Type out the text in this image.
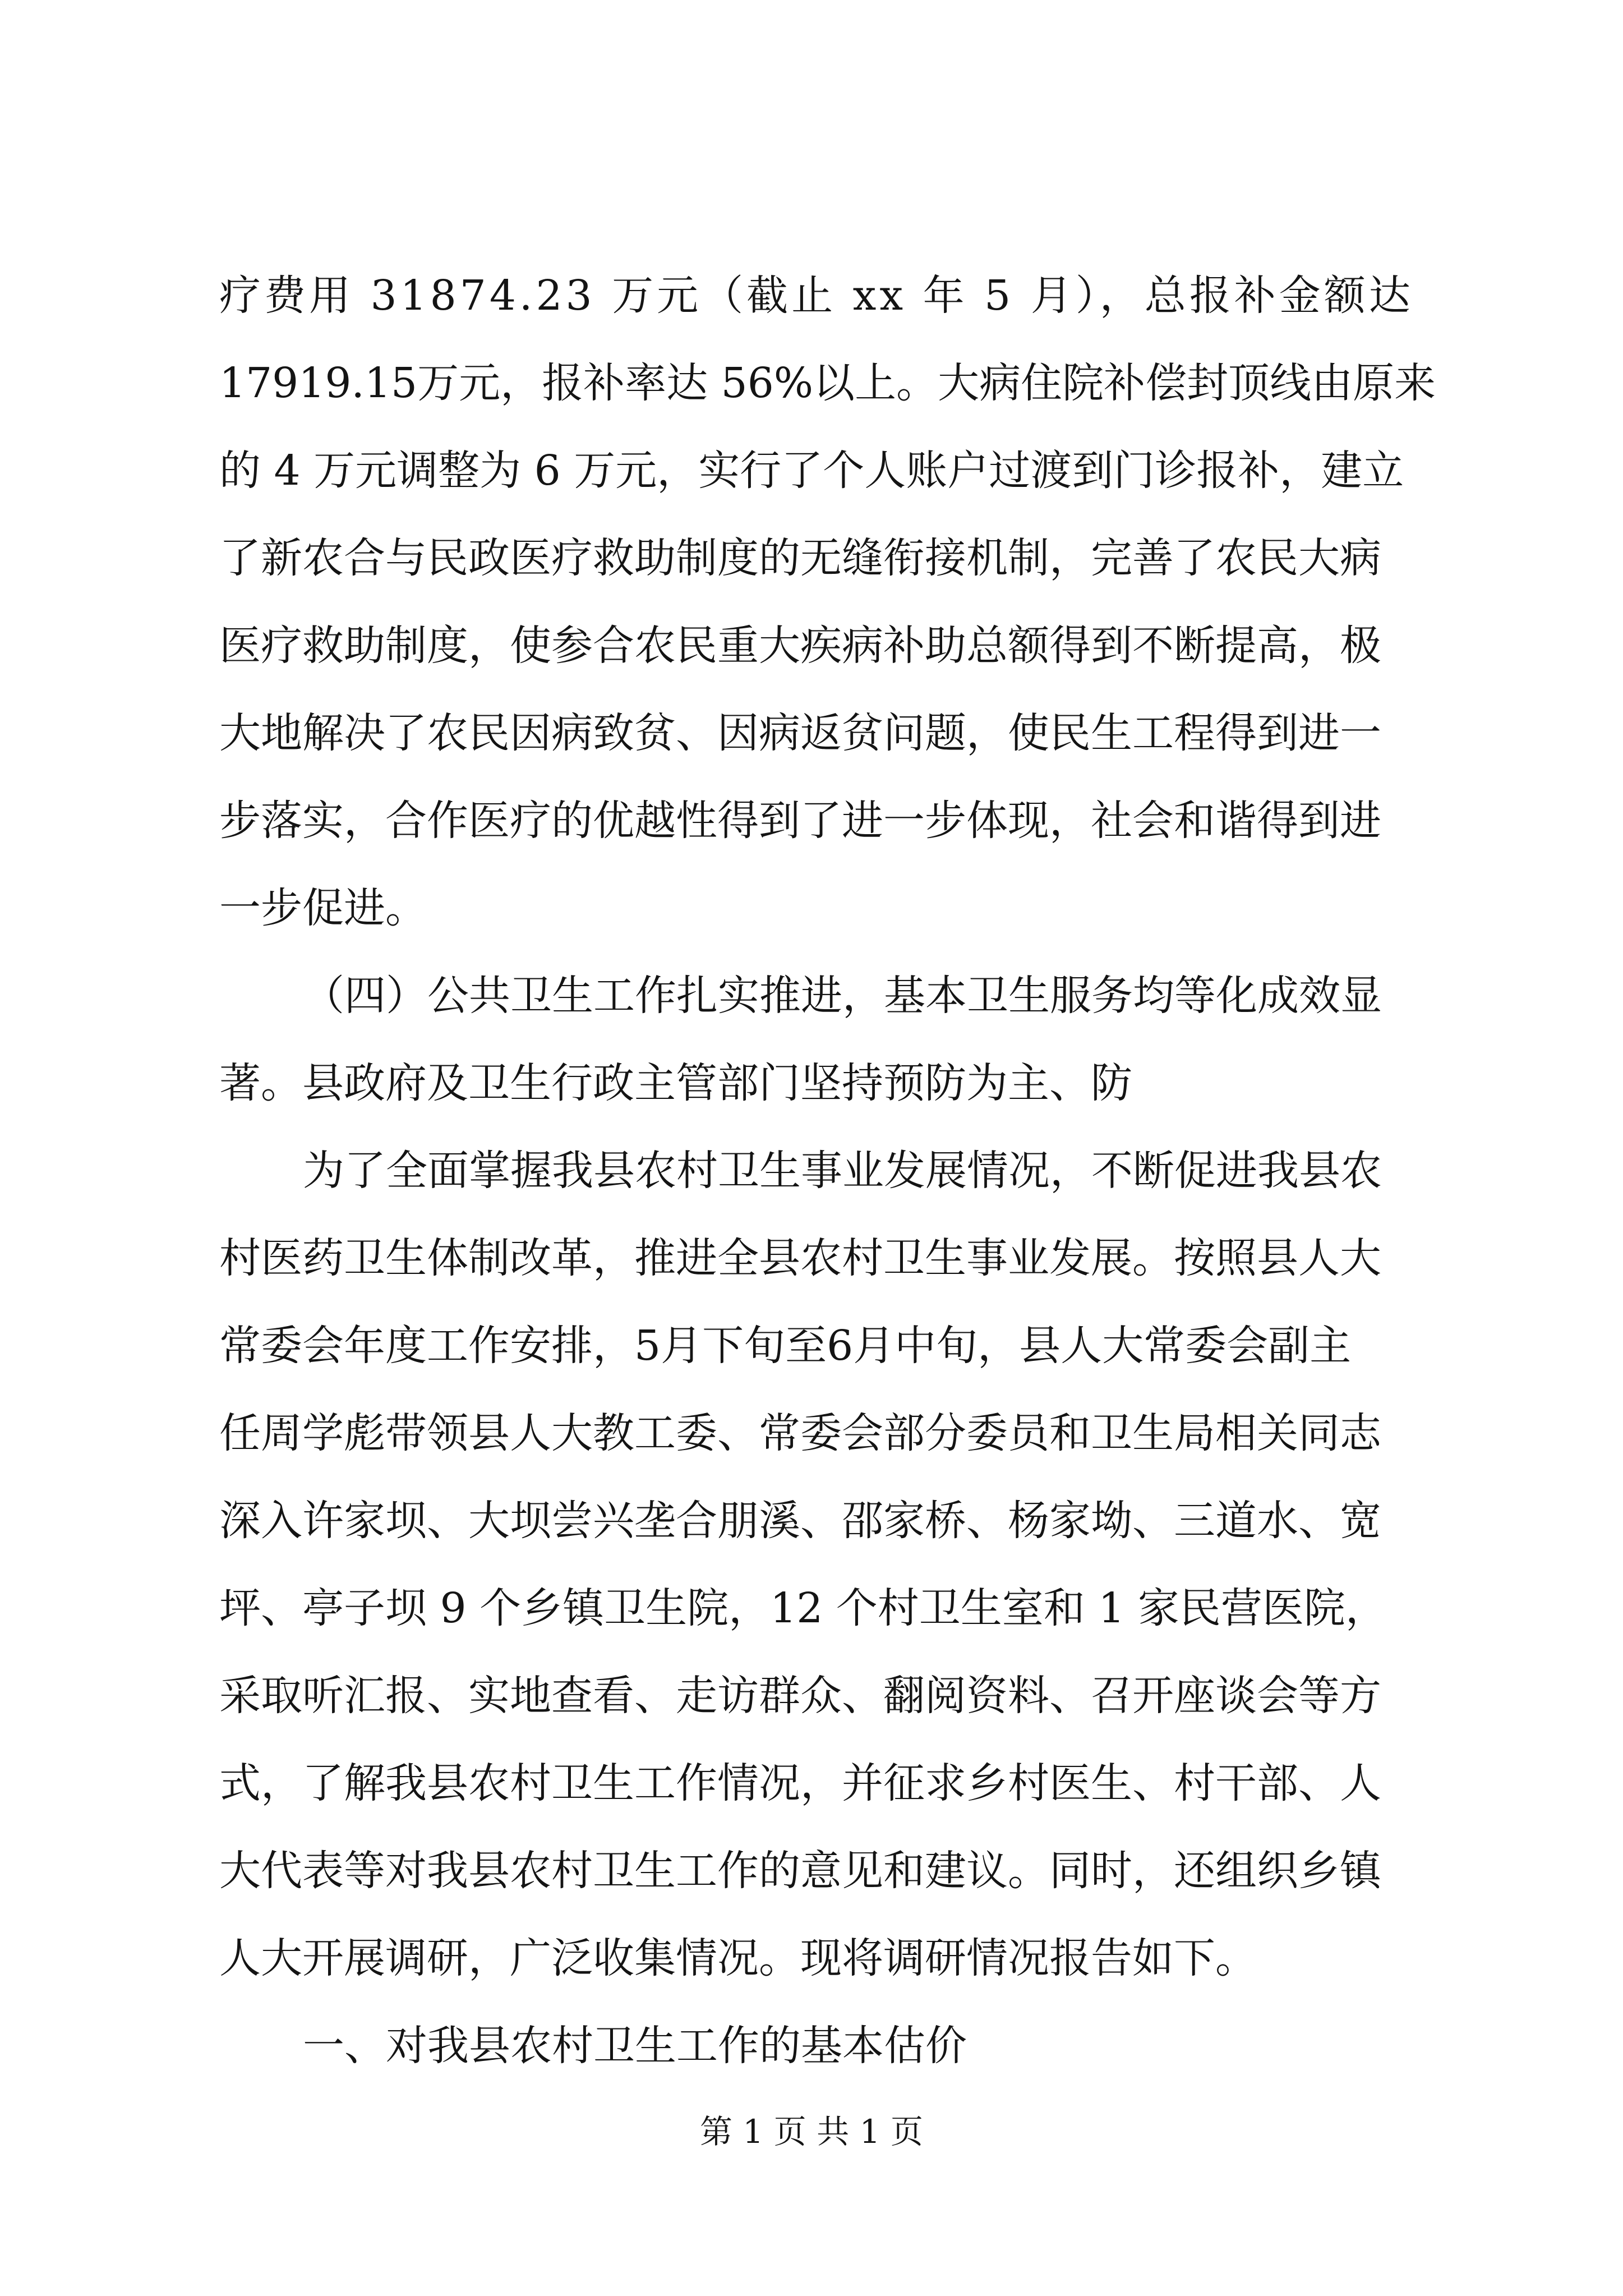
疗费用 31874.23 万元（截止 xx 年 5 月），总报补金额达
17919.15万元，报补率达 56%以上。大病住院补偿封顶线由原来
的 4 万元调整为 6 万元，实行了个人账户过渡到门诊报补，建立
了新农合与民政医疗救助制度的无缝衔接机制，完善了农民大病
医疗救助制度，使参合农民重大疾病补助总额得到不断提高，极
大地解决了农民因病致贫、因病返贫问题，使民生工程得到进一
步落实，合作医疗的优越性得到了进一步体现，社会和谐得到进
一步促进。
（四）公共卫生工作扎实推进，基本卫生服务均等化成效显
著。县政府及卫生行政主管部门坚持预防为主、防
为了全面掌握我县农村卫生事业发展情况，不断促进我县农
村医药卫生体制改革，推进全县农村卫生事业发展。按照县人大
常委会年度工作安排，5月下旬至6月中旬，县人大常委会副主
任周学彪带领县人大教工委、常委会部分委员和卫生局相关同志
深入许家坝、大坝尝兴垄合朋溪、邵家桥、杨家坳、三道水、宽
坪、亭子坝 9 个乡镇卫生院，12 个村卫生室和 1 家民营医院，
采取听汇报、实地查看、走访群众、翻阅资料、召开座谈会等方
式，了解我县农村卫生工作情况，并征求乡村医生、村干部、人
大代表等对我县农村卫生工作的意见和建议。同时，还组织乡镇
人大开展调研，广泛收集情况。现将调研情况报告如下。
一、对我县农村卫生工作的基本估价
第 1 页 共 1 页
